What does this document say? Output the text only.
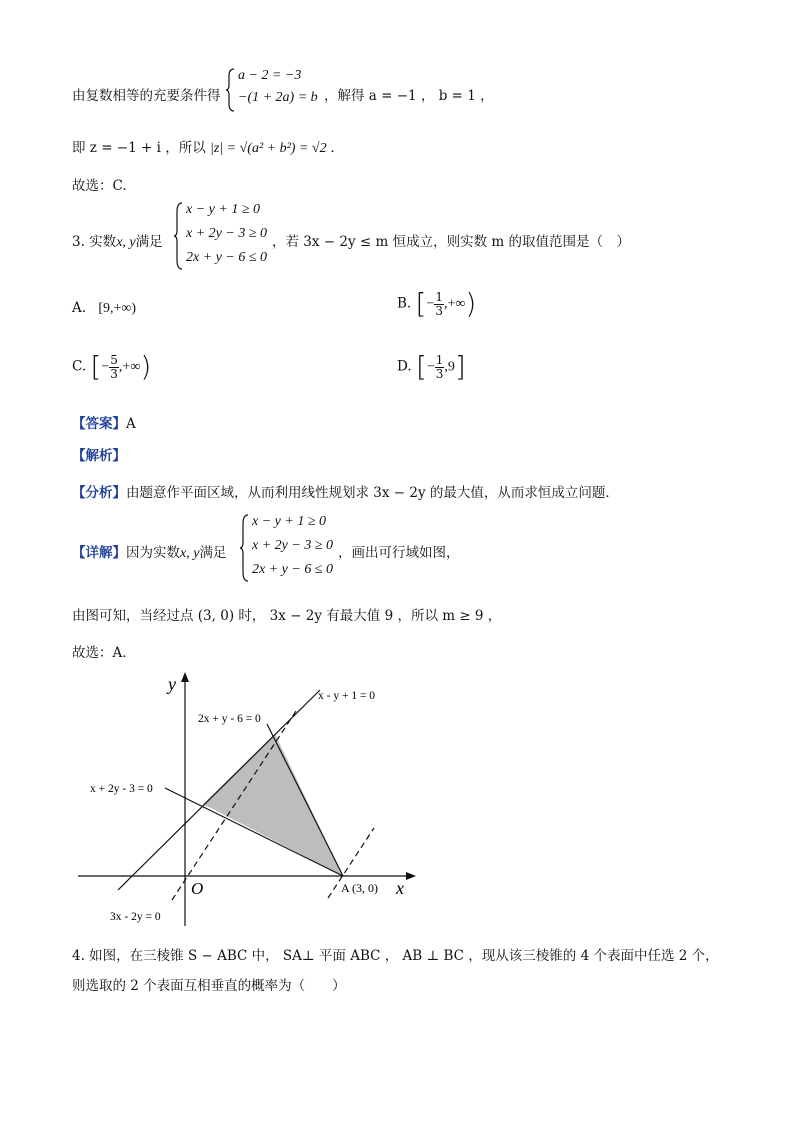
由复数相等的充要条件得
a − 2 = −3
−(1 + 2a) = b ，解得 a = −1 ， b = 1 ，
即 z = −1 + i ，所以 |z| = √(a² + b²) = √2 ．
故选：C.
3. 实数x, y满足
x − y + 1 ≥ 0
x + 2y − 3 ≥ 0
2x + y − 6 ≤ 0
，若 3x − 2y ≤ m 恒成立，则实数 m 的取值范围是（　）
A. [9,+∞)	B. [− $\frac{1}{3}$ ,+∞)
C. [− $\frac{5}{3}$ ,+∞)	D. [− $\frac{1}{3} ,9$]
【答案】A
【解析】
【分析】由题意作平面区域，从而利用线性规划求 3x − 2y 的最大值，从而求恒成立问题．
【详解】因为实数x, y满足
x − y + 1 ≥ 0
x + 2y − 3 ≥ 0
2x + y − 6 ≤ 0
，画出可行域如图，
由图可知，当经过点 (3, 0) 时， 3x − 2y 有最大值 9 ，所以 m ≥ 9 ，
故选：A．
y
x
O	A (3, 0)
x - y + 1 = 0
2x + y - 6 = 0
x + 2y - 3 = 0
3x - 2y = 0
4. 如图，在三棱锥 S − ABC 中， SA⊥ 平面 ABC ， AB ⊥ BC ，现从该三棱锥的 4 个表面中任选 2 个，
则选取的 2 个表面互相垂直的概率为（　　）
